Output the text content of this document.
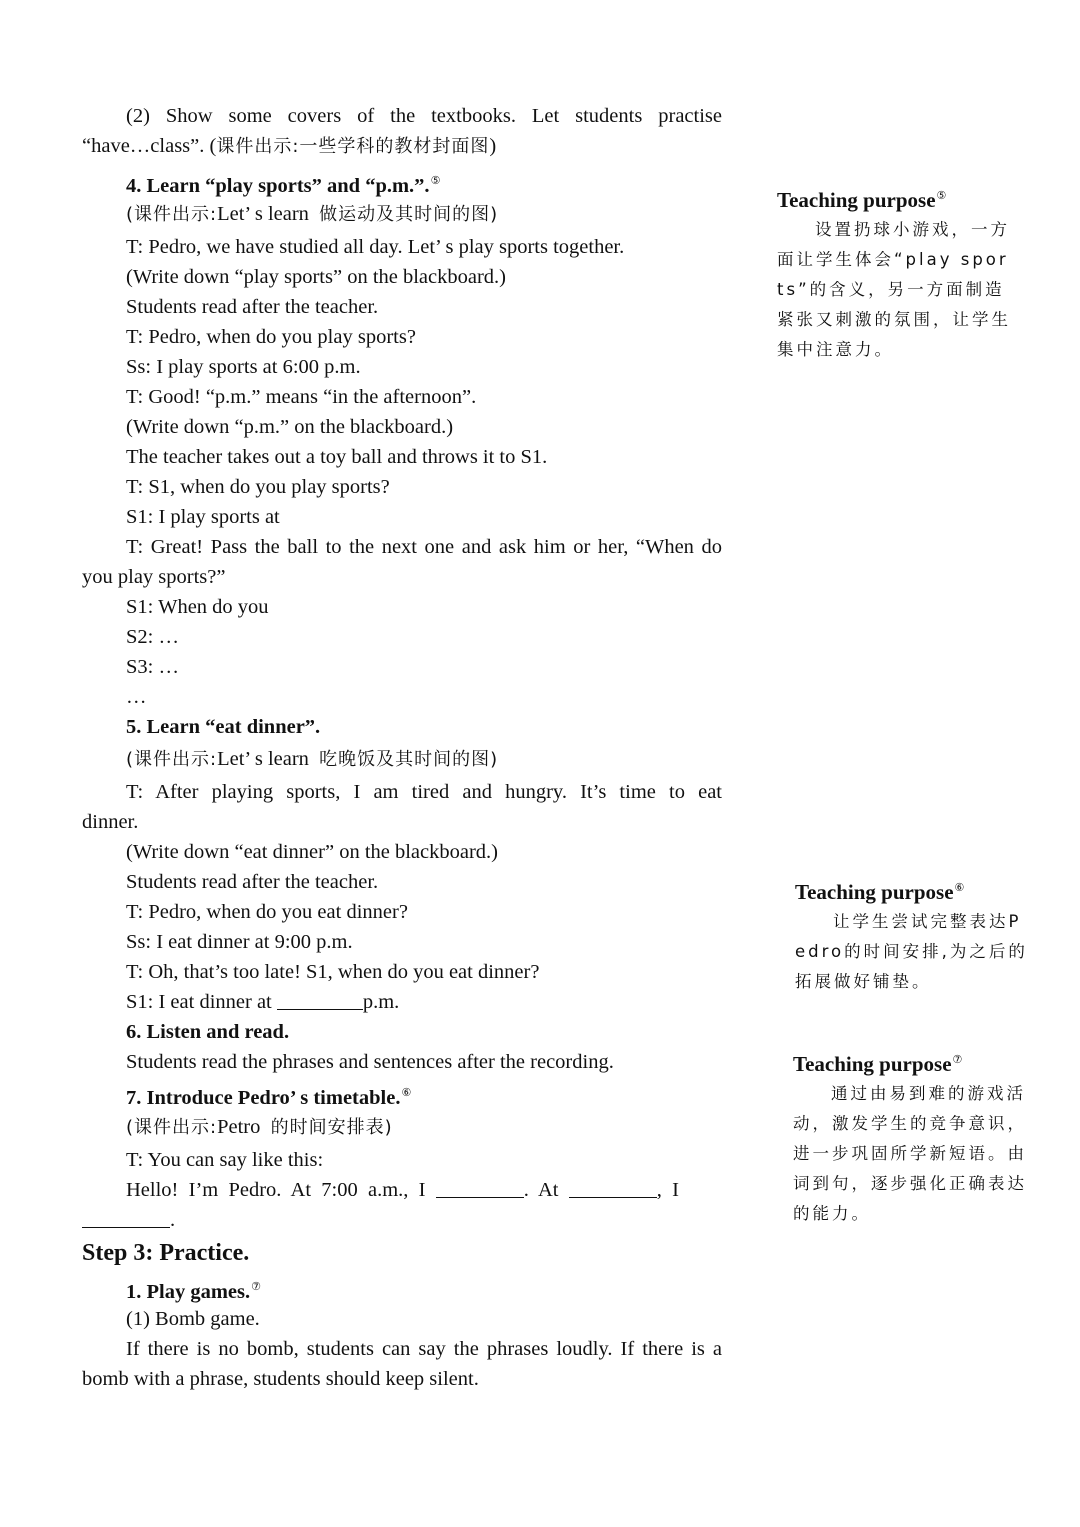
(2) Show some covers of the textbooks. Let students practise
“have…class”. (课件出示:一些学科的教材封面图)
4. Learn “play sports” and “p.m.”.⑤
(课件出示:Let’ s learn 做运动及其时间的图)
T: Pedro, we have studied all day. Let’ s play sports together.
(Write down “play sports” on the blackboard.)
Students read after the teacher.
T: Pedro, when do you play sports?
Ss: I play sports at 6:00 p.m.
T: Good! “p.m.” means “in the afternoon”.
(Write down “p.m.” on the blackboard.)
The teacher takes out a toy ball and throws it to S1.
T: S1, when do you play sports?
S1: I play sports at
T: Great! Pass the ball to the next one and ask him or her, “When do
you play sports?”
S1: When do you
S2: …
S3: …
…
5. Learn “eat dinner”.
(课件出示:Let’ s learn 吃晚饭及其时间的图)
T: After playing sports, I am tired and hungry. It’s time to eat
dinner.
(Write down “eat dinner” on the blackboard.)
Students read after the teacher.
T: Pedro, when do you eat dinner?
Ss: I eat dinner at 9:00 p.m.
T: Oh, that’s too late! S1, when do you eat dinner?
S1: I eat dinner at	p.m.
6. Listen and read.
Students read the phrases and sentences after the recording.
7. Introduce Pedro’ s timetable.⑥
(课件出示:Petro 的时间安排表)
T: You can say like this:
Hello!  I’m  Pedro.  At  7:00  a.m.,  I	.  At	,  I
.
Step 3: Practice.
1. Play games.⑦
(1) Bomb game.
If there is no bomb, students can say the phrases loudly. If there is a
bomb with a phrase, students should keep silent.
Teaching purpose⑤
设置扔球小游戏，一方面让学生体会“play sports”的含义，另一方面制造紧张又刺激的氛围，让学生集中注意力。
Teaching purpose⑥
让学生尝试完整表达Pedro的时间安排,为之后的拓展做好铺垫。
Teaching purpose⑦
通过由易到难的游戏活动，激发学生的竞争意识，进一步巩固所学新短语。由词到句，逐步强化正确表达的能力。
